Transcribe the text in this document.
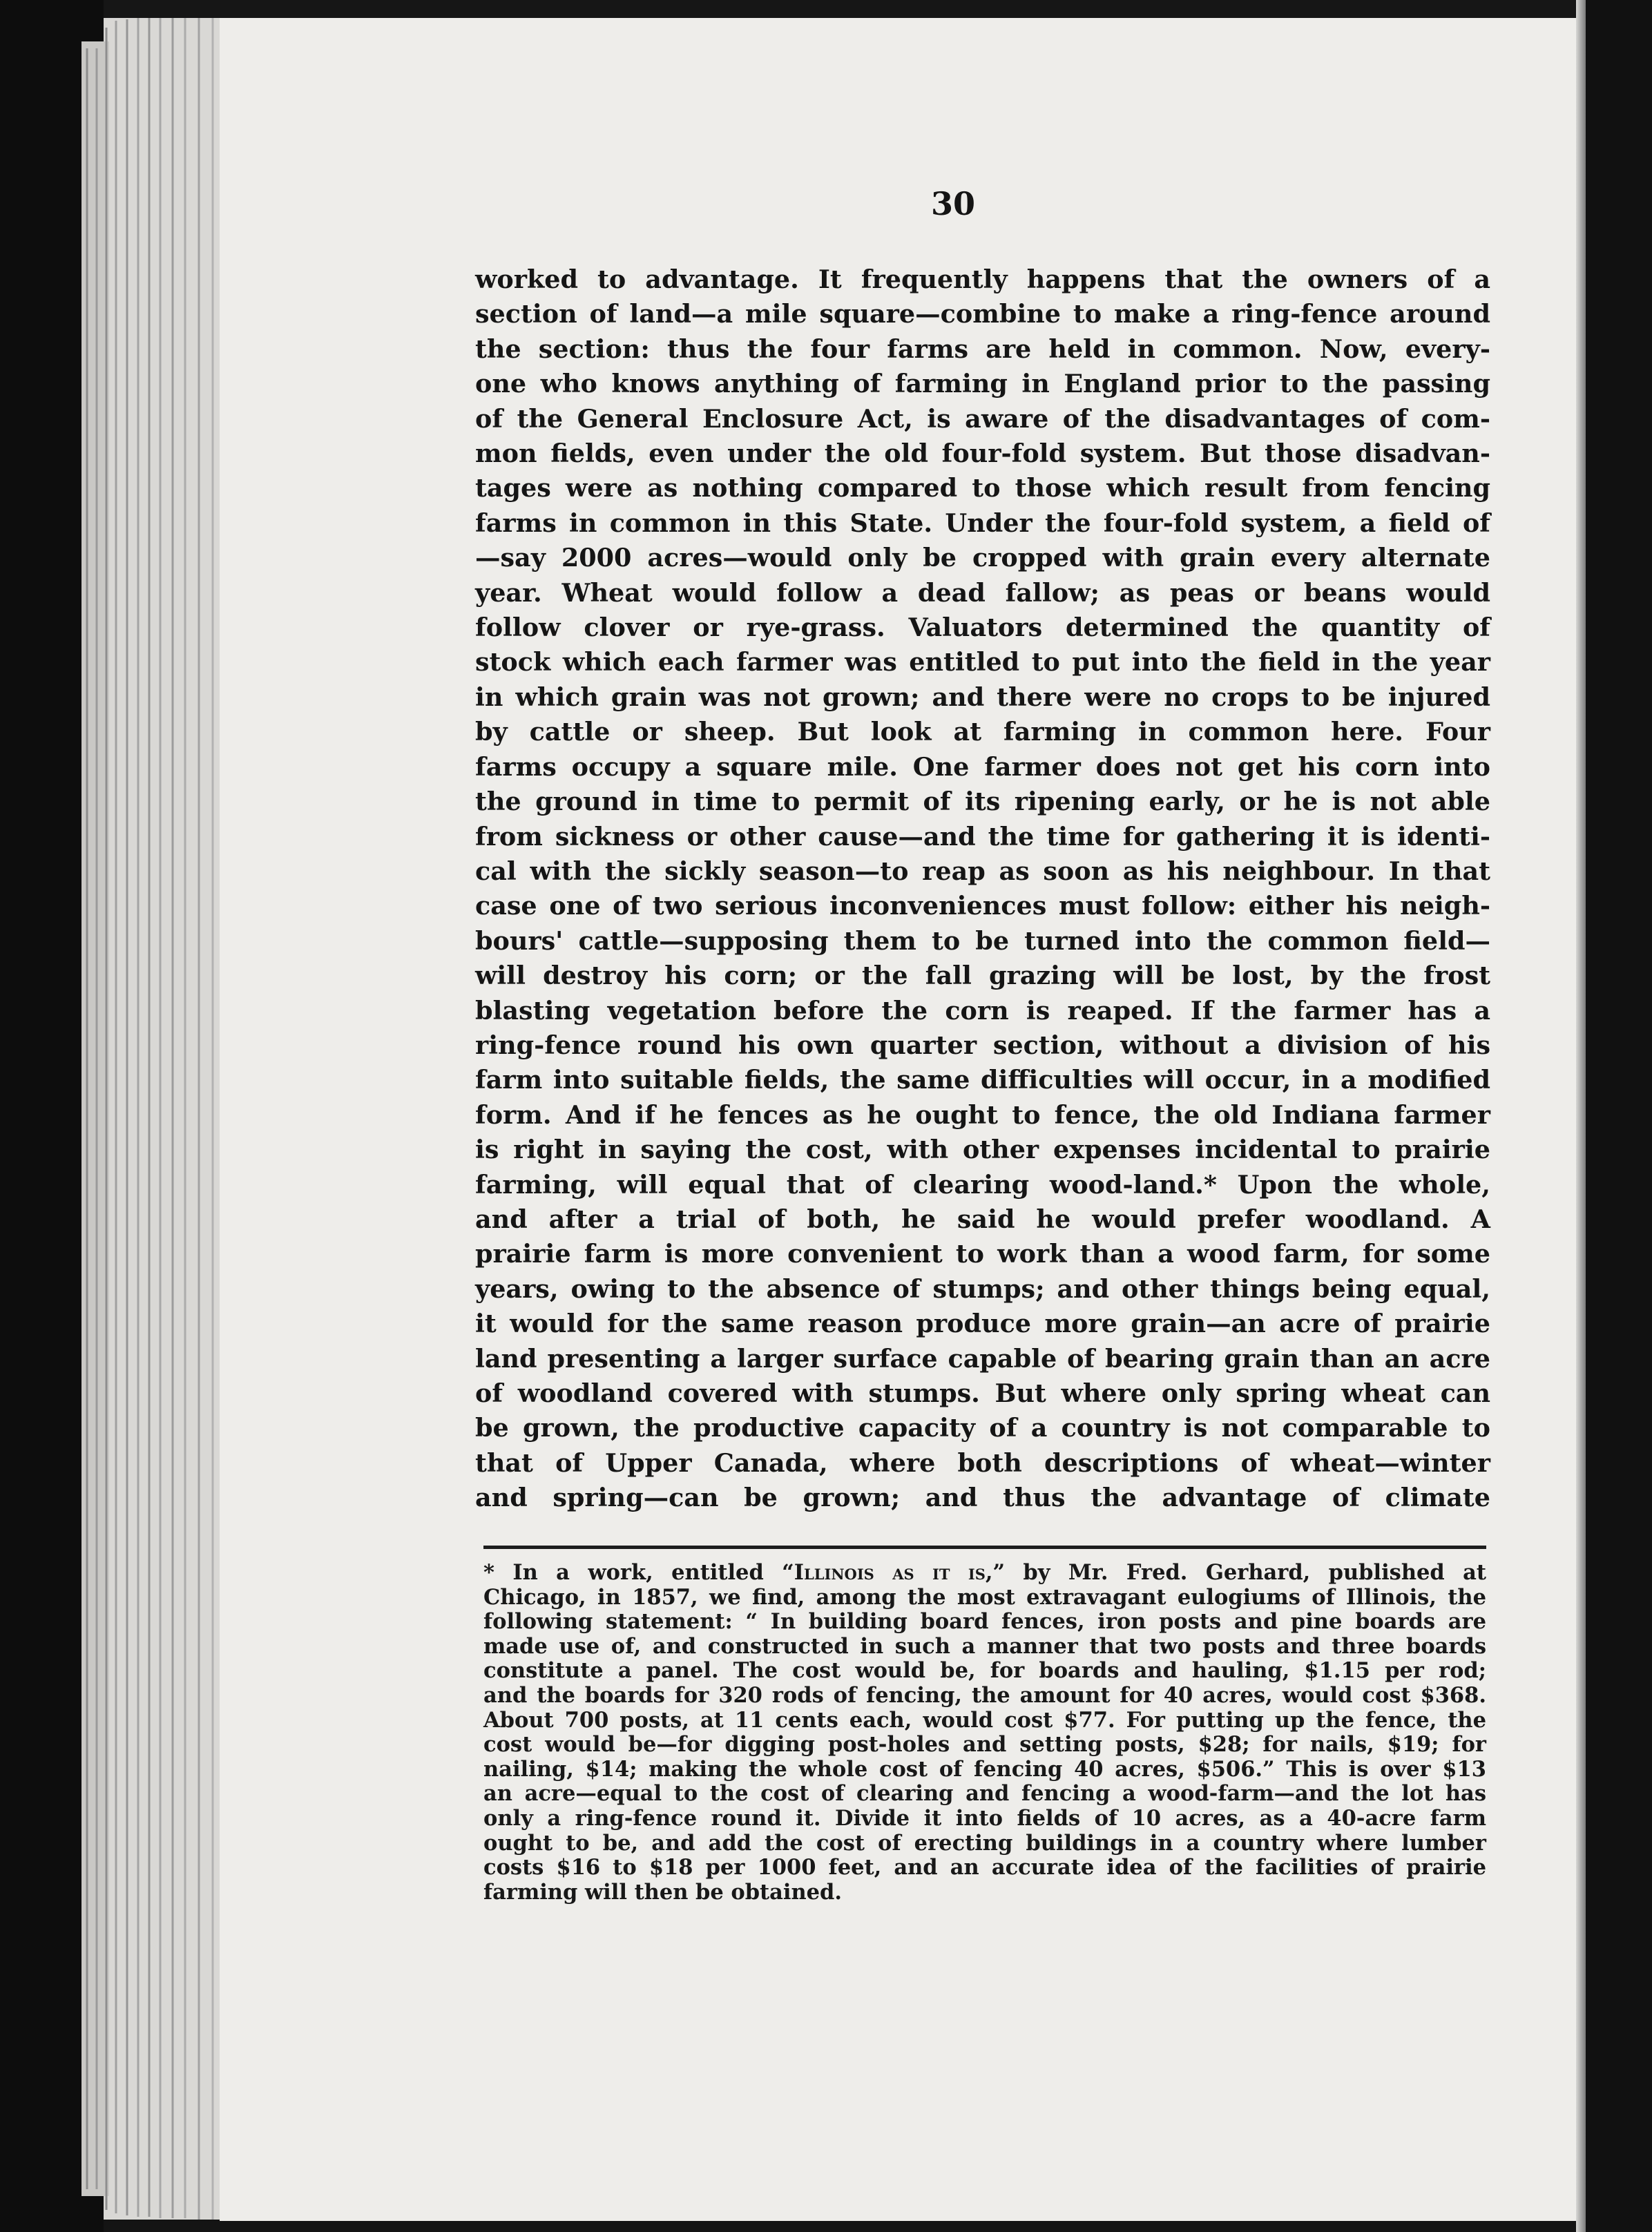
30
worked to advantage. It frequently happens that the owners of a
section of land—a mile square—combine to make a ring-fence around
the section: thus the four farms are held in common. Now, every-
one who knows anything of farming in England prior to the passing
of the General Enclosure Act, is aware of the disadvantages of com-
mon fields, even under the old four-fold system. But those disadvan-
tages were as nothing compared to those which result from fencing
farms in common in this State. Under the four-fold system, a field of
—say 2000 acres—would only be cropped with grain every alternate
year. Wheat would follow a dead fallow; as peas or beans would
follow clover or rye-grass. Valuators determined the quantity of
stock which each farmer was entitled to put into the field in the year
in which grain was not grown; and there were no crops to be injured
by cattle or sheep. But look at farming in common here. Four
farms occupy a square mile. One farmer does not get his corn into
the ground in time to permit of its ripening early, or he is not able
from sickness or other cause—and the time for gathering it is identi-
cal with the sickly season—to reap as soon as his neighbour. In that
case one of two serious inconveniences must follow: either his neigh-
bours' cattle—supposing them to be turned into the common field—
will destroy his corn; or the fall grazing will be lost, by the frost
blasting vegetation before the corn is reaped. If the farmer has a
ring-fence round his own quarter section, without a division of his
farm into suitable fields, the same difficulties will occur, in a modified
form. And if he fences as he ought to fence, the old Indiana farmer
is right in saying the cost, with other expenses incidental to prairie
farming, will equal that of clearing wood-land.* Upon the whole,
and after a trial of both, he said he would prefer woodland. A
prairie farm is more convenient to work than a wood farm, for some
years, owing to the absence of stumps; and other things being equal,
it would for the same reason produce more grain—an acre of prairie
land presenting a larger surface capable of bearing grain than an acre
of woodland covered with stumps. But where only spring wheat can
be grown, the productive capacity of a country is not comparable to
that of Upper Canada, where both descriptions of wheat—winter
and spring—can be grown; and thus the advantage of climate
* In a work, entitled “Illinois as it is,” by Mr. Fred. Gerhard, published at
Chicago, in 1857, we find, among the most extravagant eulogiums of Illinois, the
following statement: “ In building board fences, iron posts and pine boards are
made use of, and constructed in such a manner that two posts and three boards
constitute a panel. The cost would be, for boards and hauling, $1.15 per rod;
and the boards for 320 rods of fencing, the amount for 40 acres, would cost $368.
About 700 posts, at 11 cents each, would cost $77. For putting up the fence, the
cost would be—for digging post-holes and setting posts, $28; for nails, $19; for
nailing, $14; making the whole cost of fencing 40 acres, $506.” This is over $13
an acre—equal to the cost of clearing and fencing a wood-farm—and the lot has
only a ring-fence round it. Divide it into fields of 10 acres, as a 40-acre farm
ought to be, and add the cost of erecting buildings in a country where lumber
costs $16 to $18 per 1000 feet, and an accurate idea of the facilities of prairie
farming will then be obtained.
